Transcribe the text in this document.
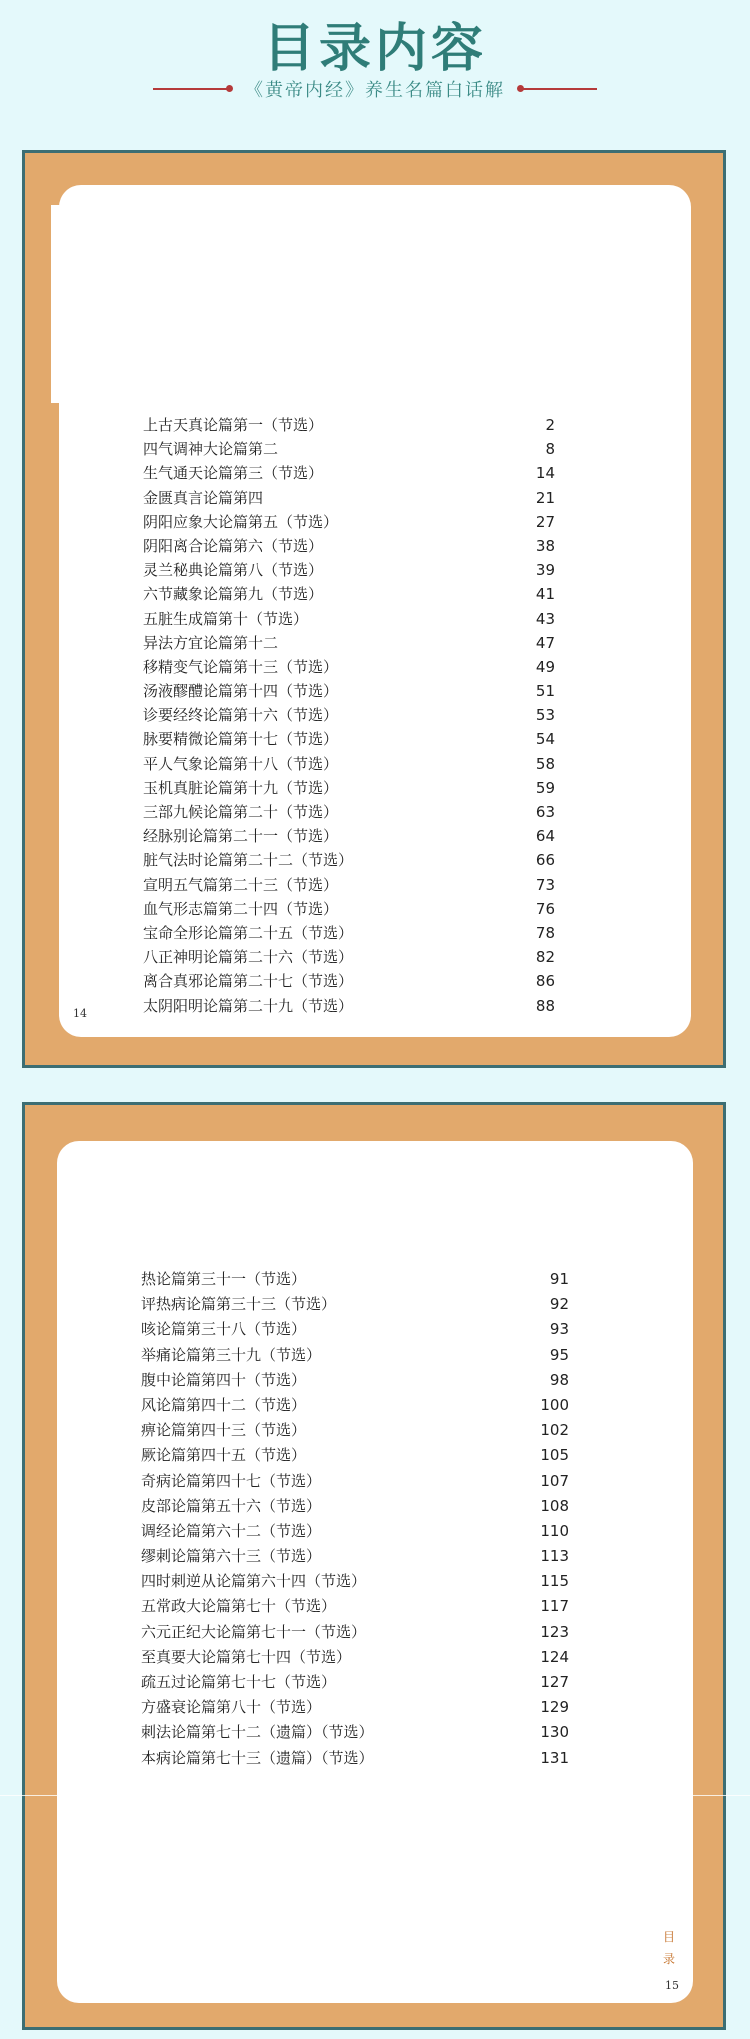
目录内容
《黄帝内经》养生名篇白话解
上古天真论篇第一（节选）	2
四气调神大论篇第二	8
生气通天论篇第三（节选）	14
金匮真言论篇第四	21
阴阳应象大论篇第五（节选）	27
阴阳离合论篇第六（节选）	38
灵兰秘典论篇第八（节选）	39
六节藏象论篇第九（节选）	41
五脏生成篇第十（节选）	43
异法方宜论篇第十二	47
移精变气论篇第十三（节选）	49
汤液醪醴论篇第十四（节选）	51
诊要经终论篇第十六（节选）	53
脉要精微论篇第十七（节选）	54
平人气象论篇第十八（节选）	58
玉机真脏论篇第十九（节选）	59
三部九候论篇第二十（节选）	63
经脉别论篇第二十一（节选）	64
脏气法时论篇第二十二（节选）	66
宣明五气篇第二十三（节选）	73
血气形志篇第二十四（节选）	76
宝命全形论篇第二十五（节选）	78
八正神明论篇第二十六（节选）	82
离合真邪论篇第二十七（节选）	86
太阴阳明论篇第二十九（节选）	88
14
热论篇第三十一（节选）	91
评热病论篇第三十三（节选）	92
咳论篇第三十八（节选）	93
举痛论篇第三十九（节选）	95
腹中论篇第四十（节选）	98
风论篇第四十二（节选）	100
痹论篇第四十三（节选）	102
厥论篇第四十五（节选）	105
奇病论篇第四十七（节选）	107
皮部论篇第五十六（节选）	108
调经论篇第六十二（节选）	110
缪刺论篇第六十三（节选）	113
四时刺逆从论篇第六十四（节选）	115
五常政大论篇第七十（节选）	117
六元正纪大论篇第七十一（节选）	123
至真要大论篇第七十四（节选）	124
疏五过论篇第七十七（节选）	127
方盛衰论篇第八十（节选）	129
刺法论篇第七十二（遗篇）（节选）	130
本病论篇第七十三（遗篇）（节选）	131
目
录
15
